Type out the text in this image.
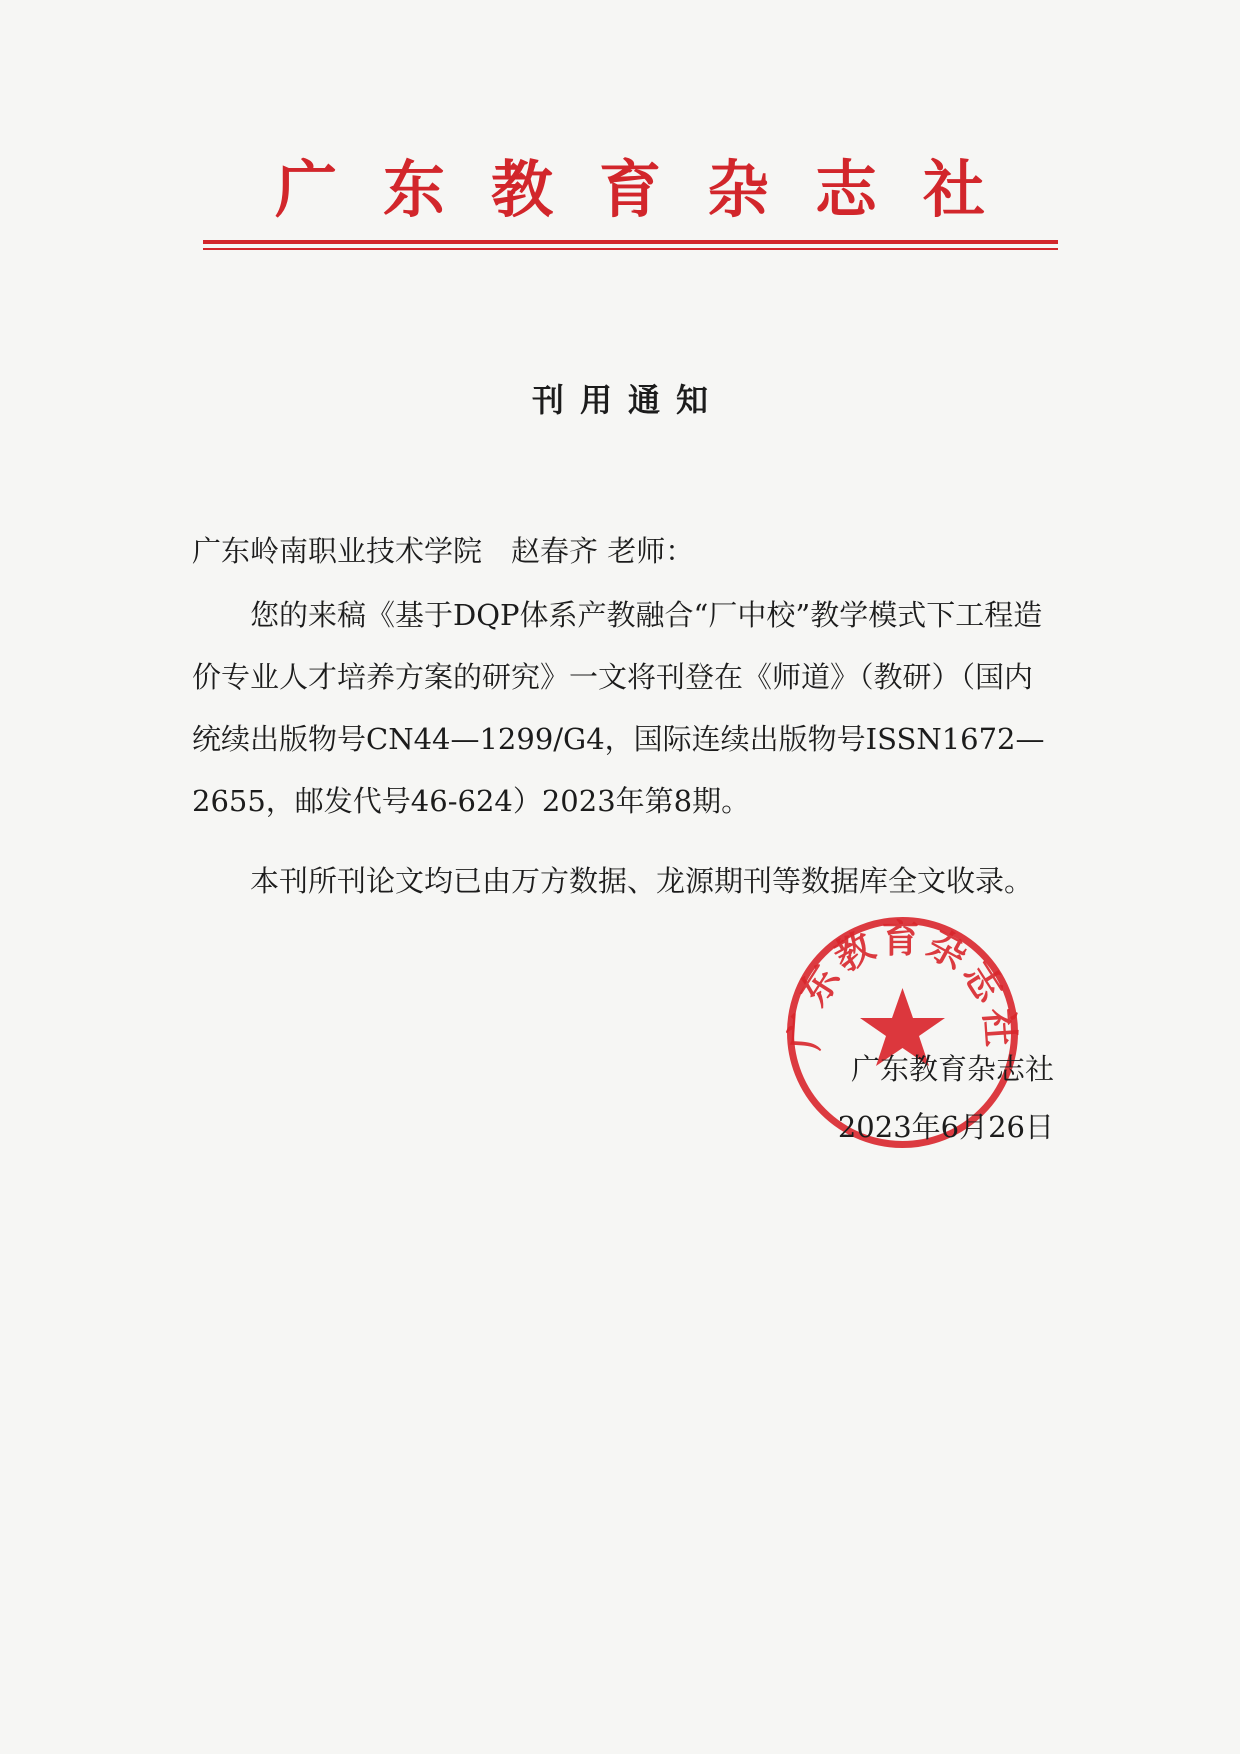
广东教育杂志社
刊用通知
广东岭南职业技术学院　赵春齐 老师：
您的来稿《基于DQP体系产教融合“厂中校”教学模式下工程造价专业人才培养方案的研究》一文将刊登在《师道》（教研）（国内统续出版物号CN44—1299/G4，国际连续出版物号ISSN1672—2655，邮发代号46-624）2023年第8期。
本刊所刊论文均已由万方数据、龙源期刊等数据库全文收录。
广东教育杂志社
广东教育杂志社
2023年6月26日
